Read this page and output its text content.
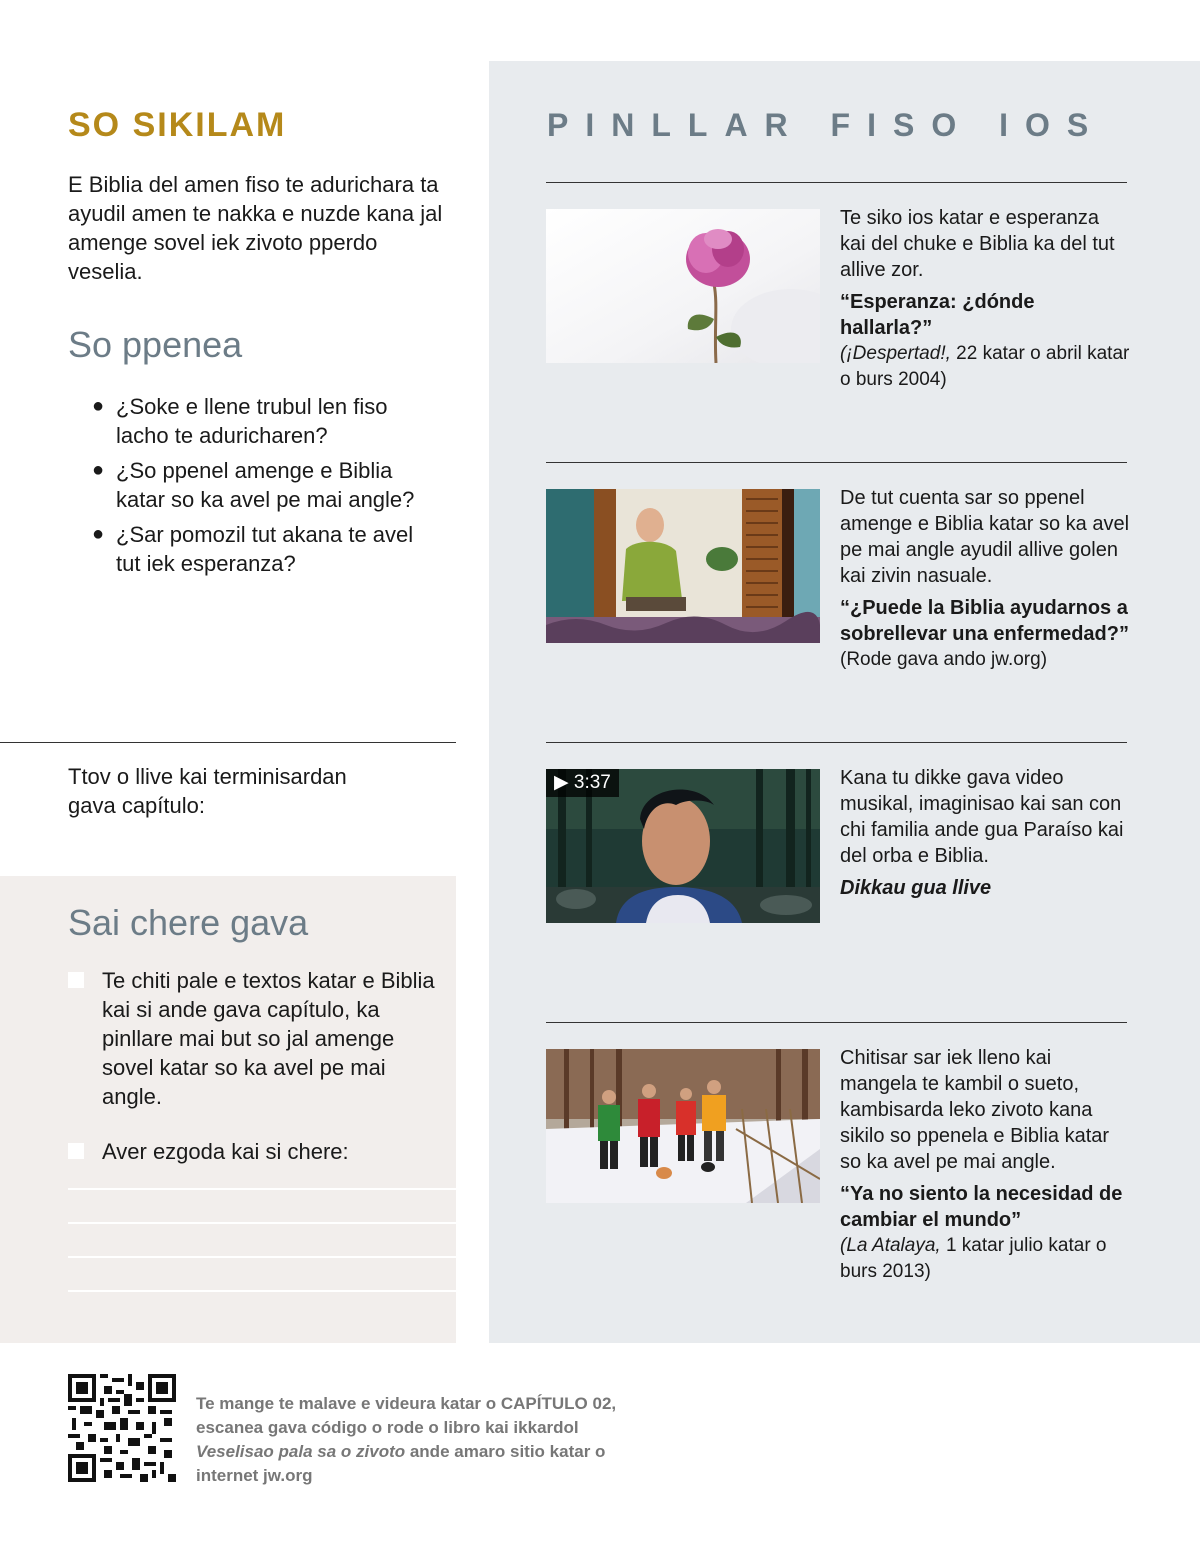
SO SIKILAM

E Biblia del amen fiso te adurichara ta ayudil amen te nakka e nuzde kana jal amenge sovel iek zivoto pperdo veselia.

So ppenea
● ¿Soke e llene trubul len fiso lacho te aduricharen?
● ¿So ppenel amenge e Biblia katar so ka avel pe mai angle?
● ¿Sar pomozil tut akana te avel tut iek esperanza?

Ttov o llive kai terminisardan gava capítulo:

Sai chere gava
Te chiti pale e textos katar e Biblia kai si ande gava capítulo, ka pinllare mai but so jal amenge sovel katar so ka avel pe mai angle.
Aver ezgoda kai si chere:
PINLLAR FISO IOS
Te siko ios katar e esperanza kai del chuke e Biblia ka del tut allive zor.
“Esperanza: ¿dónde hallarla?”
(¡Despertad!, 22 katar o abril katar o burs 2004)
De tut cuenta sar so ppenel amenge e Biblia katar so ka avel pe mai angle ayudil allive golen kai zivin nasuale.
“¿Puede la Biblia ayudarnos a sobrellevar una enfermedad?”
(Rode gava ando jw.org)
▶ 3:37	Kana tu dikke gava video musikal, imaginisao kai san con chi familia ande gua Paraíso kai del orba e Biblia.
Dikkau gua llive
Chitisar sar iek lleno kai mangela te kambil o sueto, kambisarda leko zivoto kana sikilo so ppenela e Biblia katar so ka avel pe mai angle.
“Ya no siento la necesidad de cambiar el mundo”
(La Atalaya, 1 katar julio katar o burs 2013)

Te mange te malave e videura katar o CAPÍTULO 02, escanea gava código o rode o libro kai ikkardol Veselisao pala sa o zivoto ande amaro sitio katar o internet jw.org
